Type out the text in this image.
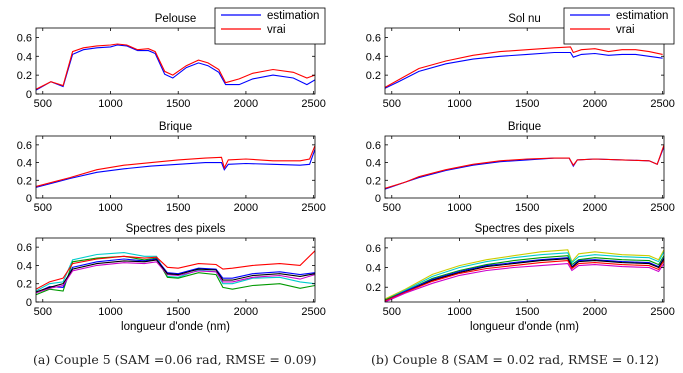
500	1000	1500	2000	2500
0
0.2
0.4
0.6
Pelouse	estimation
vrai
500	1000	1500	2000	2500
0.2
0.4
0.6
Sol nu	estimation
vrai
500	1000	1500	2000	2500
0
0.2
0.4
0.6
Brique
500	1000	1500	2000	2500
0
0.2
0.4
0.6
Brique
500	1000	1500	2000	2500
0
0.2
0.4
0.6
Spectres des pixels
longueur d'onde (nm)
500	1000	1500	2000	2500
0.2
0.4
0.6
Spectres des pixels
longueur d'onde (nm)
(a) Couple 5 (SAM =0.06 rad, RMSE = 0.09)	(b) Couple 8 (SAM = 0.02 rad, RMSE = 0.12)
